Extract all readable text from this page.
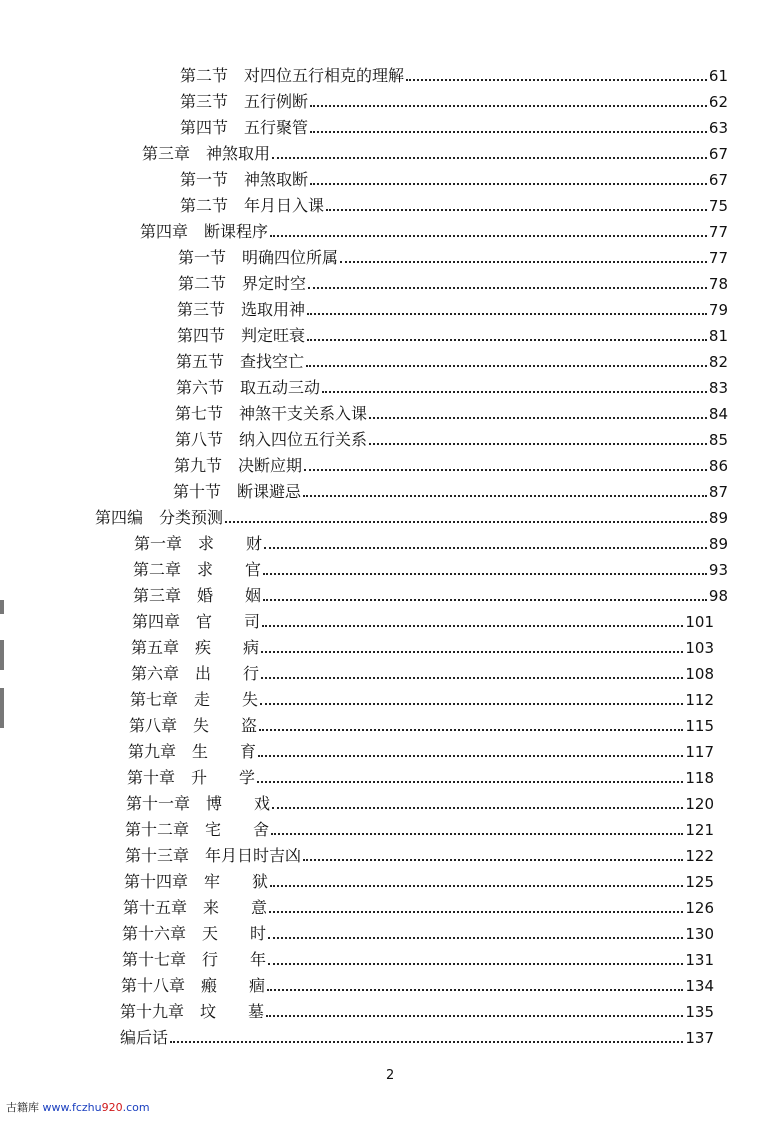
第二节 对四位五行相克的理解	61
第三节 五行例断	62
第四节 五行聚管	63
第三章 神煞取用	67
第一节 神煞取断	67
第二节 年月日入课	75
第四章 断课程序	77
第一节 明确四位所属	77
第二节 界定时空	78
第三节 选取用神	79
第四节 判定旺衰	81
第五节 查找空亡	82
第六节 取五动三动	83
第七节 神煞干支关系入课	84
第八节 纳入四位五行关系	85
第九节 决断应期	86
第十节 断课避忌	87
第四编 分类预测	89
第一章 求　　财	89
第二章 求　　官	93
第三章 婚　　姻	98
第四章 官　　司	101
第五章 疾　　病	103
第六章 出　　行	108
第七章 走　　失	112
第八章 失　　盗	115
第九章 生　　育	117
第十章 升　　学	118
第十一章 博　　戏	120
第十二章 宅　　舍	121
第十三章 年月日时吉凶	122
第十四章 牢　　狱	125
第十五章 来　　意	126
第十六章 天　　时	130
第十七章 行　　年	131
第十八章 瘢　　痼	134
第十九章 坟　　墓	135
编后话	137
2
古籍库 www.fczhu920.com
